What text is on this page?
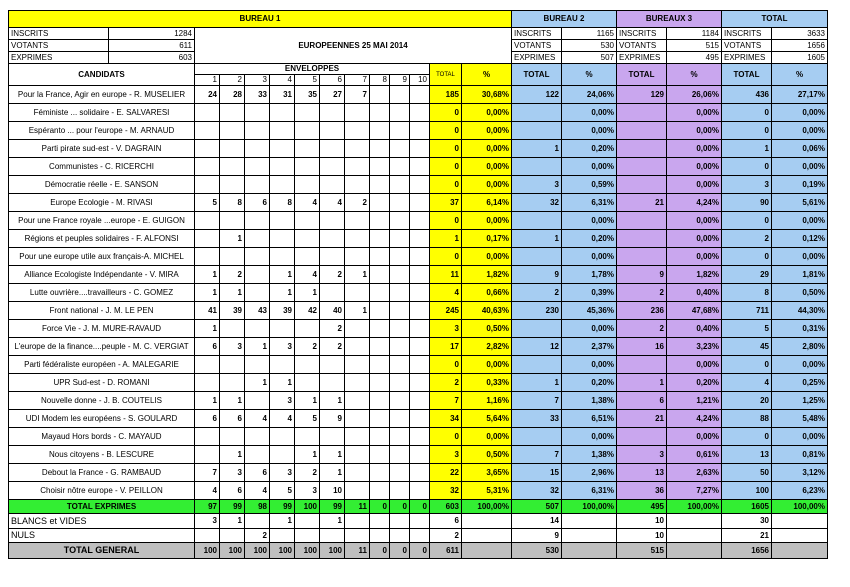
BUREAU 1														BUREAU 2		BUREAUX 3		TOTAL	
INSCRITS	1284	EUROPEENNES 25 MAI 2014												INSCRITS	1165	INSCRITS	1184	INSCRITS	3633
VOTANTS	611													VOTANTS	530	VOTANTS	515	VOTANTS	1656
EXPRIMES	603													EXPRIMES	507	EXPRIMES	495	EXPRIMES	1605
CANDIDATS		ENVELOPPES										TOTAL	%	TOTAL	%	TOTAL	%	TOTAL	%
		1	2	3	4	5	6	7	8	9	10								
Pour la France, Agir en europe - R. MUSELIER		24	28	33	31	35	27	7				185	30,68%	122	24,06%	129	26,06%	436	27,17%
Féministe ... solidaire - E. SALVARESI												0	0,00%		0,00%		0,00%	0	0,00%
Espéranto ... pour l'europe - M. ARNAUD												0	0,00%		0,00%		0,00%	0	0,00%
Parti pirate sud-est - V. DAGRAIN												0	0,00%	1	0,20%		0,00%	1	0,06%
Communistes - C. RICERCHI												0	0,00%		0,00%		0,00%	0	0,00%
Démocratie réelle - E. SANSON												0	0,00%	3	0,59%		0,00%	3	0,19%
Europe Ecologie - M. RIVASI		5	8	6	8	4	4	2				37	6,14%	32	6,31%	21	4,24%	90	5,61%
Pour une France royale ...europe - E. GUIGON												0	0,00%		0,00%		0,00%	0	0,00%
Régions et peuples solidaires - F. ALFONSI			1									1	0,17%	1	0,20%		0,00%	2	0,12%
Pour une europe utile aux français-A. MICHEL												0	0,00%		0,00%		0,00%	0	0,00%
Alliance Ecologiste Indépendante - V. MIRA		1	2		1	4	2	1				11	1,82%	9	1,78%	9	1,82%	29	1,81%
Lutte ouvrière....travailleurs - C. GOMEZ		1	1		1	1						4	0,66%	2	0,39%	2	0,40%	8	0,50%
Front national - J. M. LE PEN		41	39	43	39	42	40	1				245	40,63%	230	45,36%	236	47,68%	711	44,30%
Force Vie - J. M. MURE-RAVAUD		1					2					3	0,50%		0,00%	2	0,40%	5	0,31%
L'europe de la finance....peuple - M. C. VERGIAT		6	3	1	3	2	2					17	2,82%	12	2,37%	16	3,23%	45	2,80%
Parti fédéraliste européen - A. MALEGARIE												0	0,00%		0,00%		0,00%	0	0,00%
UPR Sud-est - D. ROMANI				1	1							2	0,33%	1	0,20%	1	0,20%	4	0,25%
Nouvelle donne - J. B. COUTELIS		1	1		3	1	1					7	1,16%	7	1,38%	6	1,21%	20	1,25%
UDI Modem les européens - S. GOULARD		6	6	4	4	5	9					34	5,64%	33	6,51%	21	4,24%	88	5,48%
Mayaud Hors bords - C. MAYAUD												0	0,00%		0,00%		0,00%	0	0,00%
Nous citoyens - B. LESCURE			1			1	1					3	0,50%	7	1,38%	3	0,61%	13	0,81%
Debout la France - G. RAMBAUD		7	3	6	3	2	1					22	3,65%	15	2,96%	13	2,63%	50	3,12%
Choisir nôtre europe - V. PEILLON		4	6	4	5	3	10					32	5,31%	32	6,31%	36	7,27%	100	6,23%
TOTAL EXPRIMES		97	99	98	99	100	99	11	0	0	0	603	100,00%	507	100,00%	495	100,00%	1605	100,00%
BLANCS et VIDES		3	1		1		1					6		14		10		30	
NULS				2								2		9		10		21	
TOTAL GENERAL		100	100	100	100	100	100	11	0	0	0	611		530		515		1656	
